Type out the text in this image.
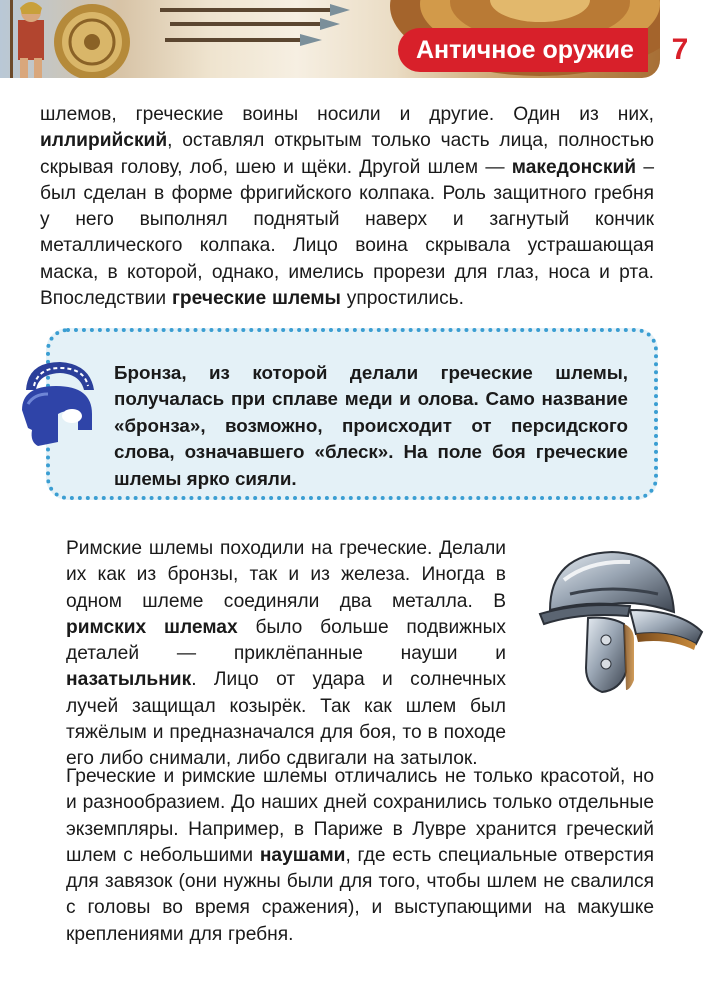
Античное оружие	7

шлемов, греческие воины носили и другие. Один из них, иллирийский, оставлял открытым только часть лица, полностью скрывая голову, лоб, шею и щёки. Другой шлем — македонский – был сделан в форме фригийского колпака. Роль защитного гребня у него выполнял поднятый наверх и загнутый кончик металлического колпака. Лицо воина скрывала устрашающая маска, в которой, однако, имелись прорези для глаз, носа и рта. Впоследствии греческие шлемы упростились.

Бронза, из которой делали греческие шлемы, получалась при сплаве меди и олова. Само название «бронза», возможно, происходит от персидского слова, означавшего «блеск». На поле боя греческие шлемы ярко сияли.

Римские шлемы походили на греческие. Делали их как из бронзы, так и из железа. Иногда в одном шлеме соединяли два металла. В римских шлемах было больше подвижных деталей — приклёпанные науши и назатыльник. Лицо от удара и солнечных лучей защищал козырёк. Так как шлем был тяжёлым и предназначался для боя, то в походе его либо снимали, либо сдвигали на затылок.

Греческие и римские шлемы отличались не только красотой, но и разнообразием. До наших дней сохранились только отдельные экземпляры. Например, в Париже в Лувре хранится греческий шлем с небольшими наушами, где есть специальные отверстия для завязок (они нужны были для того, чтобы шлем не свалился с головы во время сражения), и выступающими на макушке креплениями для гребня.
